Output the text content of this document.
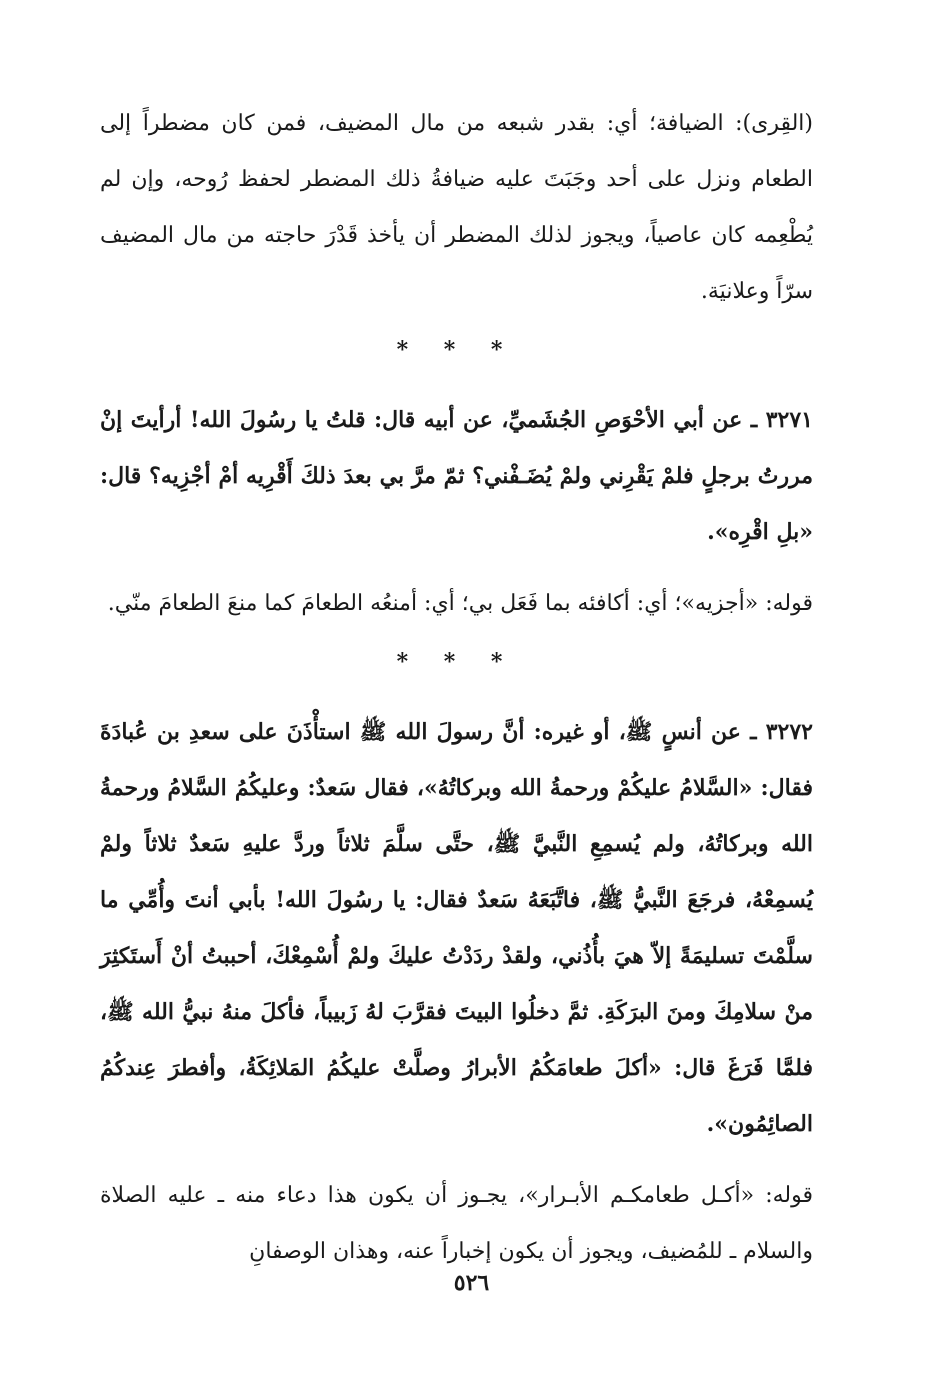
(القِرى): الضيافة؛ أي: بقدر شبعه من مال المضيف، فمن كان مضطراً إلى الطعام ونزل على أحد وجَبَتَ عليه ضيافةُ ذلك المضطر لحفظ رُوحه، وإن لم يُطْعِمه كان عاصياً، ويجوز لذلك المضطر أن يأخذ قَدْرَ حاجته من مال المضيف سرّاً وعلانيَة.

* * *

٣٢٧١ ـ عن أبي الأحْوَصِ الجُشَميِّ، عن أبيه قال: قلتُ يا رسُولَ الله! أرأيتَ إنْ مررتُ برجلٍ فلمْ يَقْرِني ولمْ يُضَـفْني؟ ثمّ مرَّ بي بعدَ ذلكَ أَقْرِيه أمْ أجْزِيه؟ قال: «بلِ اقْرِه».

قوله: «أجزيه»؛ أي: أكافئه بما فَعَل بي؛ أي: أمنعُه الطعامَ كما منعَ الطعامَ منّي.

* * *

٣٢٧٢ ـ عن أنسٍ ﷺ، أو غيره: أنَّ رسولَ الله ﷺ استأْذَنَ على سعدِ بن عُبادَةَ فقال: «السَّلامُ عليكُمْ ورحمةُ الله وبركاتُهُ»، فقال سَعدٌ: وعليكُمُ السَّلامُ ورحمةُ الله وبركاتُهُ، ولم يُسمِعِ النَّبيَّ ﷺ، حتَّى سلَّمَ ثلاثاً وردَّ عليهِ سَعدٌ ثلاثاً ولمْ يُسمِعْهُ، فرجَعَ النَّبيُّ ﷺ، فاتَّبَعَهُ سَعدٌ فقال: يا رسُولَ الله! بأبي أنتَ وأُمِّي ما سلَّمْتَ تسليمَةً إلاّ هيَ بأُذُني، ولقدْ ردَدْتُ عليكَ ولمْ أُسْمِعْكَ، أحببتُ أنْ أَستَكثِرَ منْ سلامِكَ ومنَ البرَكَةِ. ثمَّ دخلُوا البيتَ فقرَّبَ لهُ زَبيباً، فأكلَ منهُ نبيُّ الله ﷺ، فلمَّا فَرَغَ قال: «أكلَ طعامَكُمُ الأبرارُ وصلَّتْ عليكُمُ المَلائِكَةُ، وأفطرَ عِندكُمُ الصائِمُون».

قوله: «أكـل طعامكـم الأبـرار»، يجـوز أن يكون هذا دعاء منه ـ عليه الصلاة والسلام ـ للمُضيف، ويجوز أن يكون إخباراً عنه، وهذان الوصفانِ

٥٢٦
